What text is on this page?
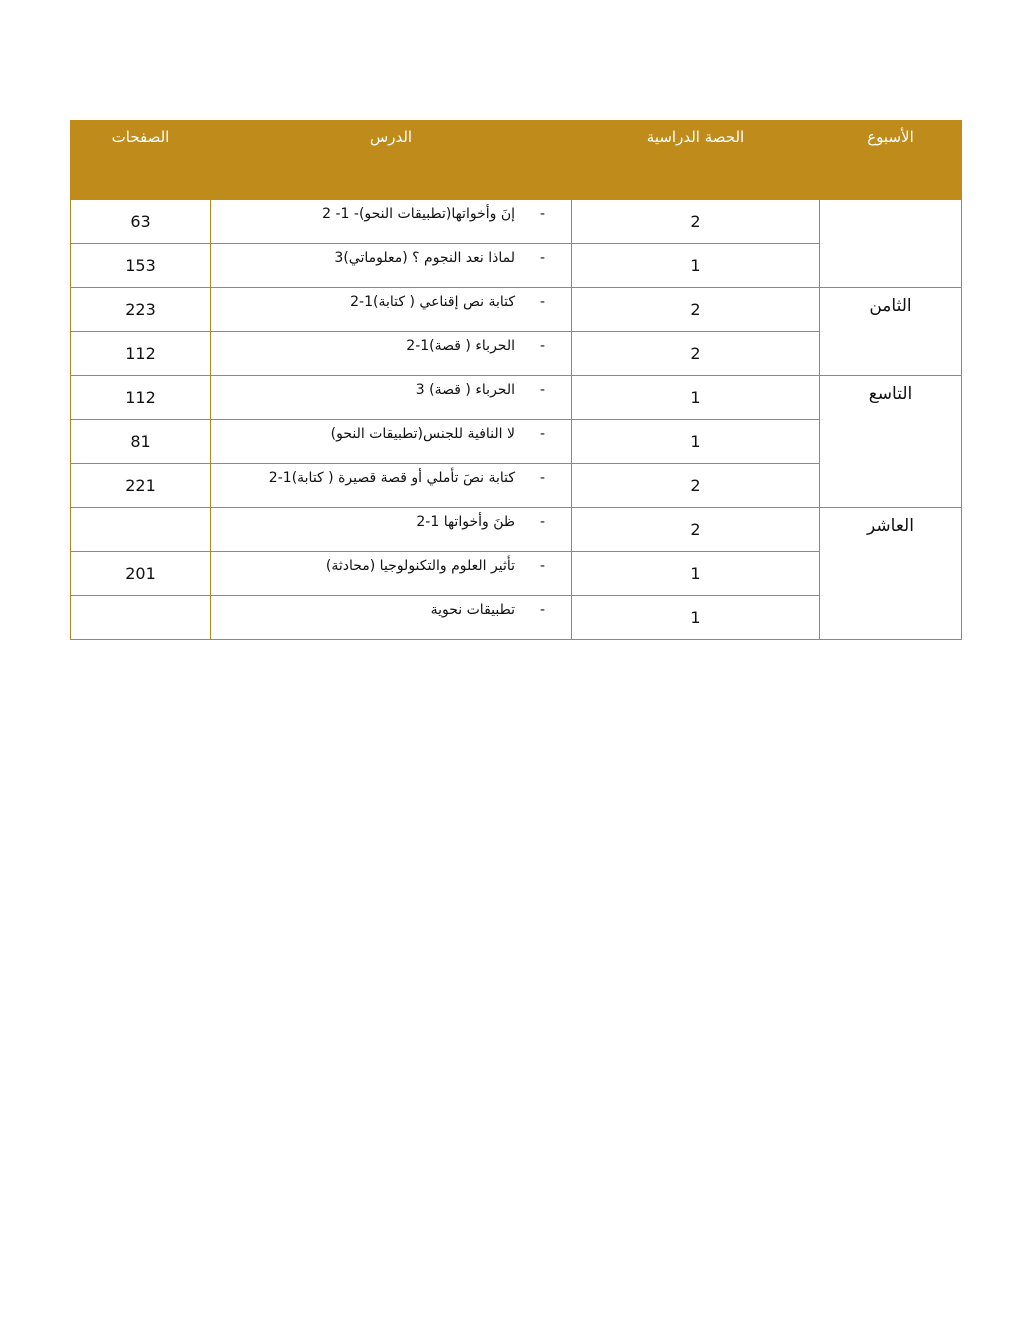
الأسبوع	الحصة الدراسية	الدرس	الصفحات
	2	-إنَ وأخواتها(تطبيقات النحو)- 1- 2	63
	1	-لماذا نعد النجوم ؟ (معلوماتي)3	153
الثامن	2	-كتابة نص إقناعي ( كتابة)1-2	223
	2	-الحرباء ( قصة)1-2	112
التاسع	1	-الحرباء ( قصة) 3	112
	1	-لا النافية للجنس(تطبيقات النحو)	81
	2	-كتابة نصَ تأملي أو قصة قصيرة ( كتابة)1-2	221
العاشر	2	-ظنَ وأخواتها 1-2	
	1	-تأثير العلوم والتكنولوجيا (محادثة)	201
	1	-تطبيقات نحوية	
